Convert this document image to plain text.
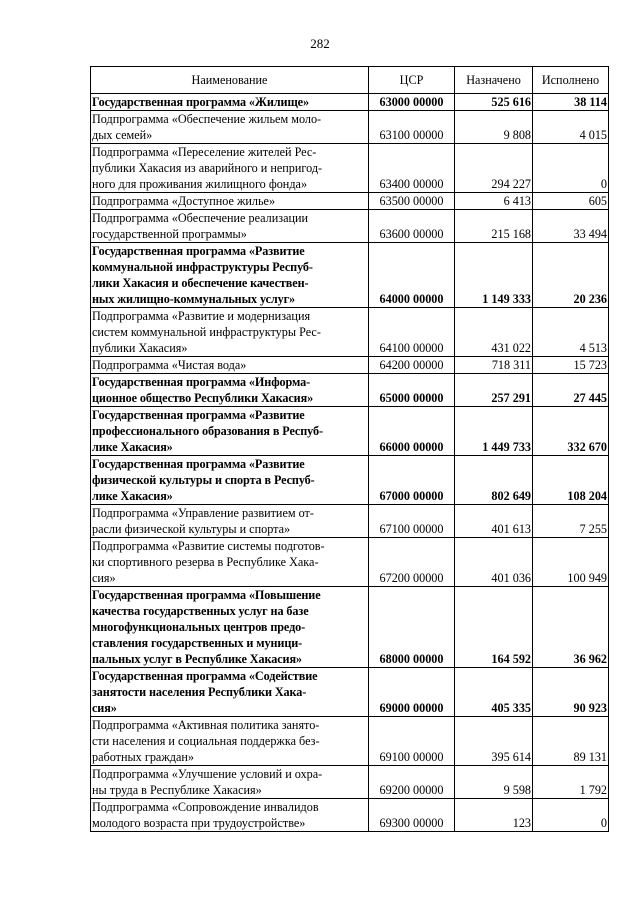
282
Наименование	ЦСР	Назначено	Исполнено
Государственная программа «Жилище»	63000 00000	525 616	38 114
Подпрограмма «Обеспечение жильем моло-
дых семей»	63100 00000	9 808	4 015
Подпрограмма «Переселение жителей Рес-
публики Хакасия из аварийного и непригод-
ного для проживания жилищного фонда»	63400 00000	294 227	0
Подпрограмма «Доступное жилье»	63500 00000	6 413	605
Подпрограмма «Обеспечение реализации
государственной программы»	63600 00000	215 168	33 494
Государственная программа «Развитие
коммунальной инфраструктуры Респуб-
лики Хакасия и обеспечение качествен-
ных жилищно-коммунальных услуг»	64000 00000	1 149 333	20 236
Подпрограмма «Развитие и модернизация
систем коммунальной инфраструктуры Рес-
публики Хакасия»	64100 00000	431 022	4 513
Подпрограмма «Чистая вода»	64200 00000	718 311	15 723
Государственная программа «Информа-
ционное общество Республики Хакасия»	65000 00000	257 291	27 445
Государственная программа «Развитие
профессионального образования в Респуб-
лике Хакасия»	66000 00000	1 449 733	332 670
Государственная программа «Развитие
физической культуры и спорта в Респуб-
лике Хакасия»	67000 00000	802 649	108 204
Подпрограмма «Управление развитием от-
расли физической культуры и спорта»	67100 00000	401 613	7 255
Подпрограмма «Развитие системы подготов-
ки спортивного резерва в Республике Хака-
сия»	67200 00000	401 036	100 949
Государственная программа «Повышение
качества государственных услуг на базе
многофункциональных центров предо-
ставления государственных и муници-
пальных услуг в Республике Хакасия»	68000 00000	164 592	36 962
Государственная программа «Содействие
занятости населения Республики Хака-
сия»	69000 00000	405 335	90 923
Подпрограмма «Активная политика занято-
сти населения и социальная поддержка без-
работных граждан»	69100 00000	395 614	89 131
Подпрограмма «Улучшение условий и охра-
ны труда в Республике Хакасия»	69200 00000	9 598	1 792
Подпрограмма «Сопровождение инвалидов
молодого возраста при трудоустройстве»	69300 00000	123	0
